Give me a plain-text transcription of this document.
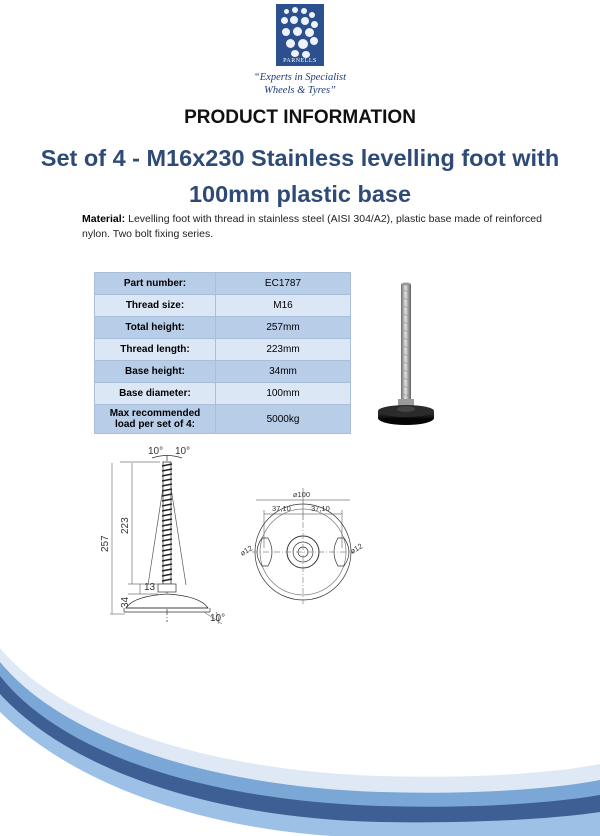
PARNELLS
“Experts in Specialist
Wheels & Tyres”
PRODUCT INFORMATION
Set of 4 - M16x230 Stainless levelling foot with
100mm plastic base
Material: Levelling foot with thread in stainless steel (AISI 304/A2), plastic base made of reinforced nylon. Two bolt fixing series.
Part number:	EC1787
Thread size:	M16
Total height:	257mm
Thread length:	223mm
Base height:	34mm
Base diameter:	100mm
Max recommended load per set of 4:	5000kg
10° 10°
257
223
34
13
10°
⌀100
37,10	37,10
⌀12	⌀12
